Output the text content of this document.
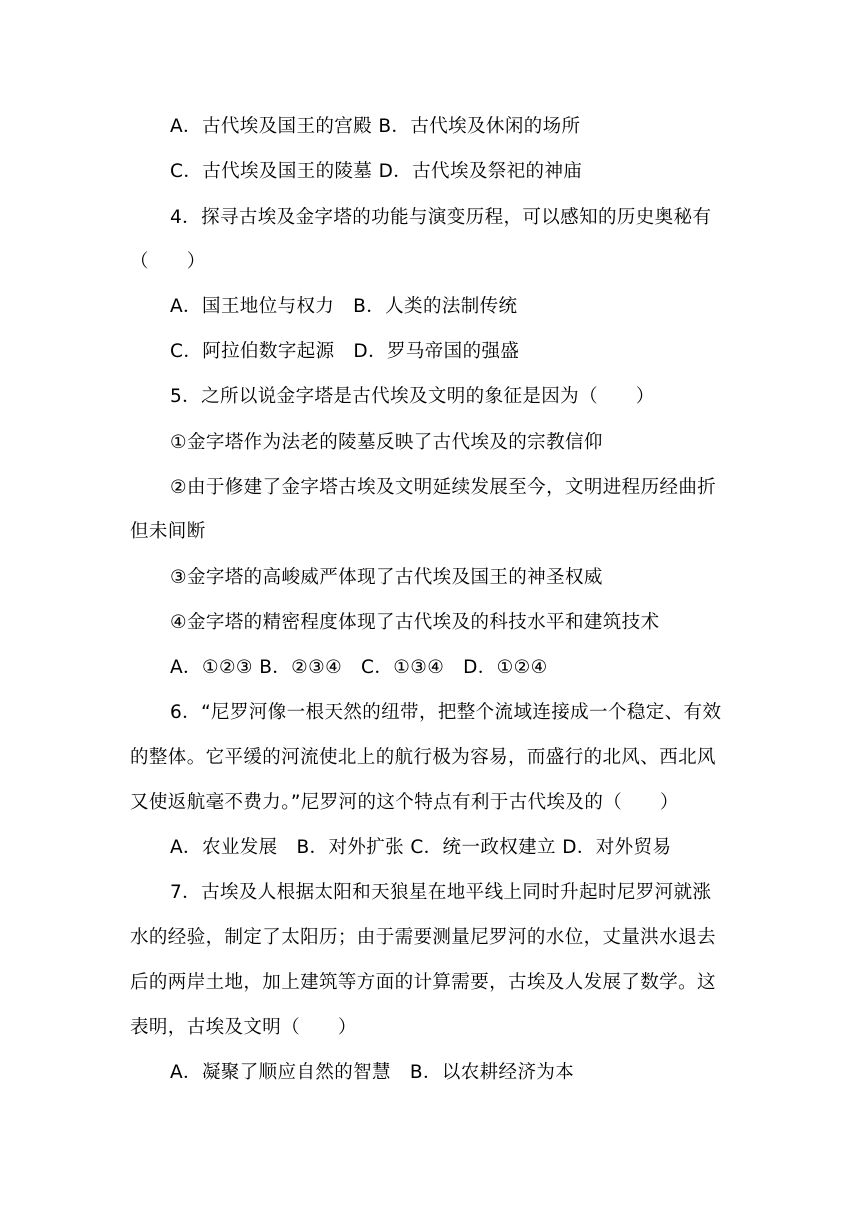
A．古代埃及国王的宫殿 B．古代埃及休闲的场所
C．古代埃及国王的陵墓 D．古代埃及祭祀的神庙
4．探寻古埃及金字塔的功能与演变历程，可以感知的历史奥秘有
（　　）
A．国王地位与权力　B．人类的法制传统
C．阿拉伯数字起源　D．罗马帝国的强盛
5．之所以说金字塔是古代埃及文明的象征是因为（　　）
①金字塔作为法老的陵墓反映了古代埃及的宗教信仰
②由于修建了金字塔古埃及文明延续发展至今，文明进程历经曲折
但未间断
③金字塔的高峻威严体现了古代埃及国王的神圣权威
④金字塔的精密程度体现了古代埃及的科技水平和建筑技术
A．①②③ B．②③④　C．①③④　D．①②④
6．“尼罗河像一根天然的纽带，把整个流域连接成一个稳定、有效
的整体。它平缓的河流使北上的航行极为容易，而盛行的北风、西北风
又使返航毫不费力。”尼罗河的这个特点有利于古代埃及的（　　）
A．农业发展　B．对外扩张 C．统一政权建立 D．对外贸易
7．古埃及人根据太阳和天狼星在地平线上同时升起时尼罗河就涨
水的经验，制定了太阳历；由于需要测量尼罗河的水位，丈量洪水退去
后的两岸土地，加上建筑等方面的计算需要，古埃及人发展了数学。这
表明，古埃及文明（　　）
A．凝聚了顺应自然的智慧　B．以农耕经济为本
